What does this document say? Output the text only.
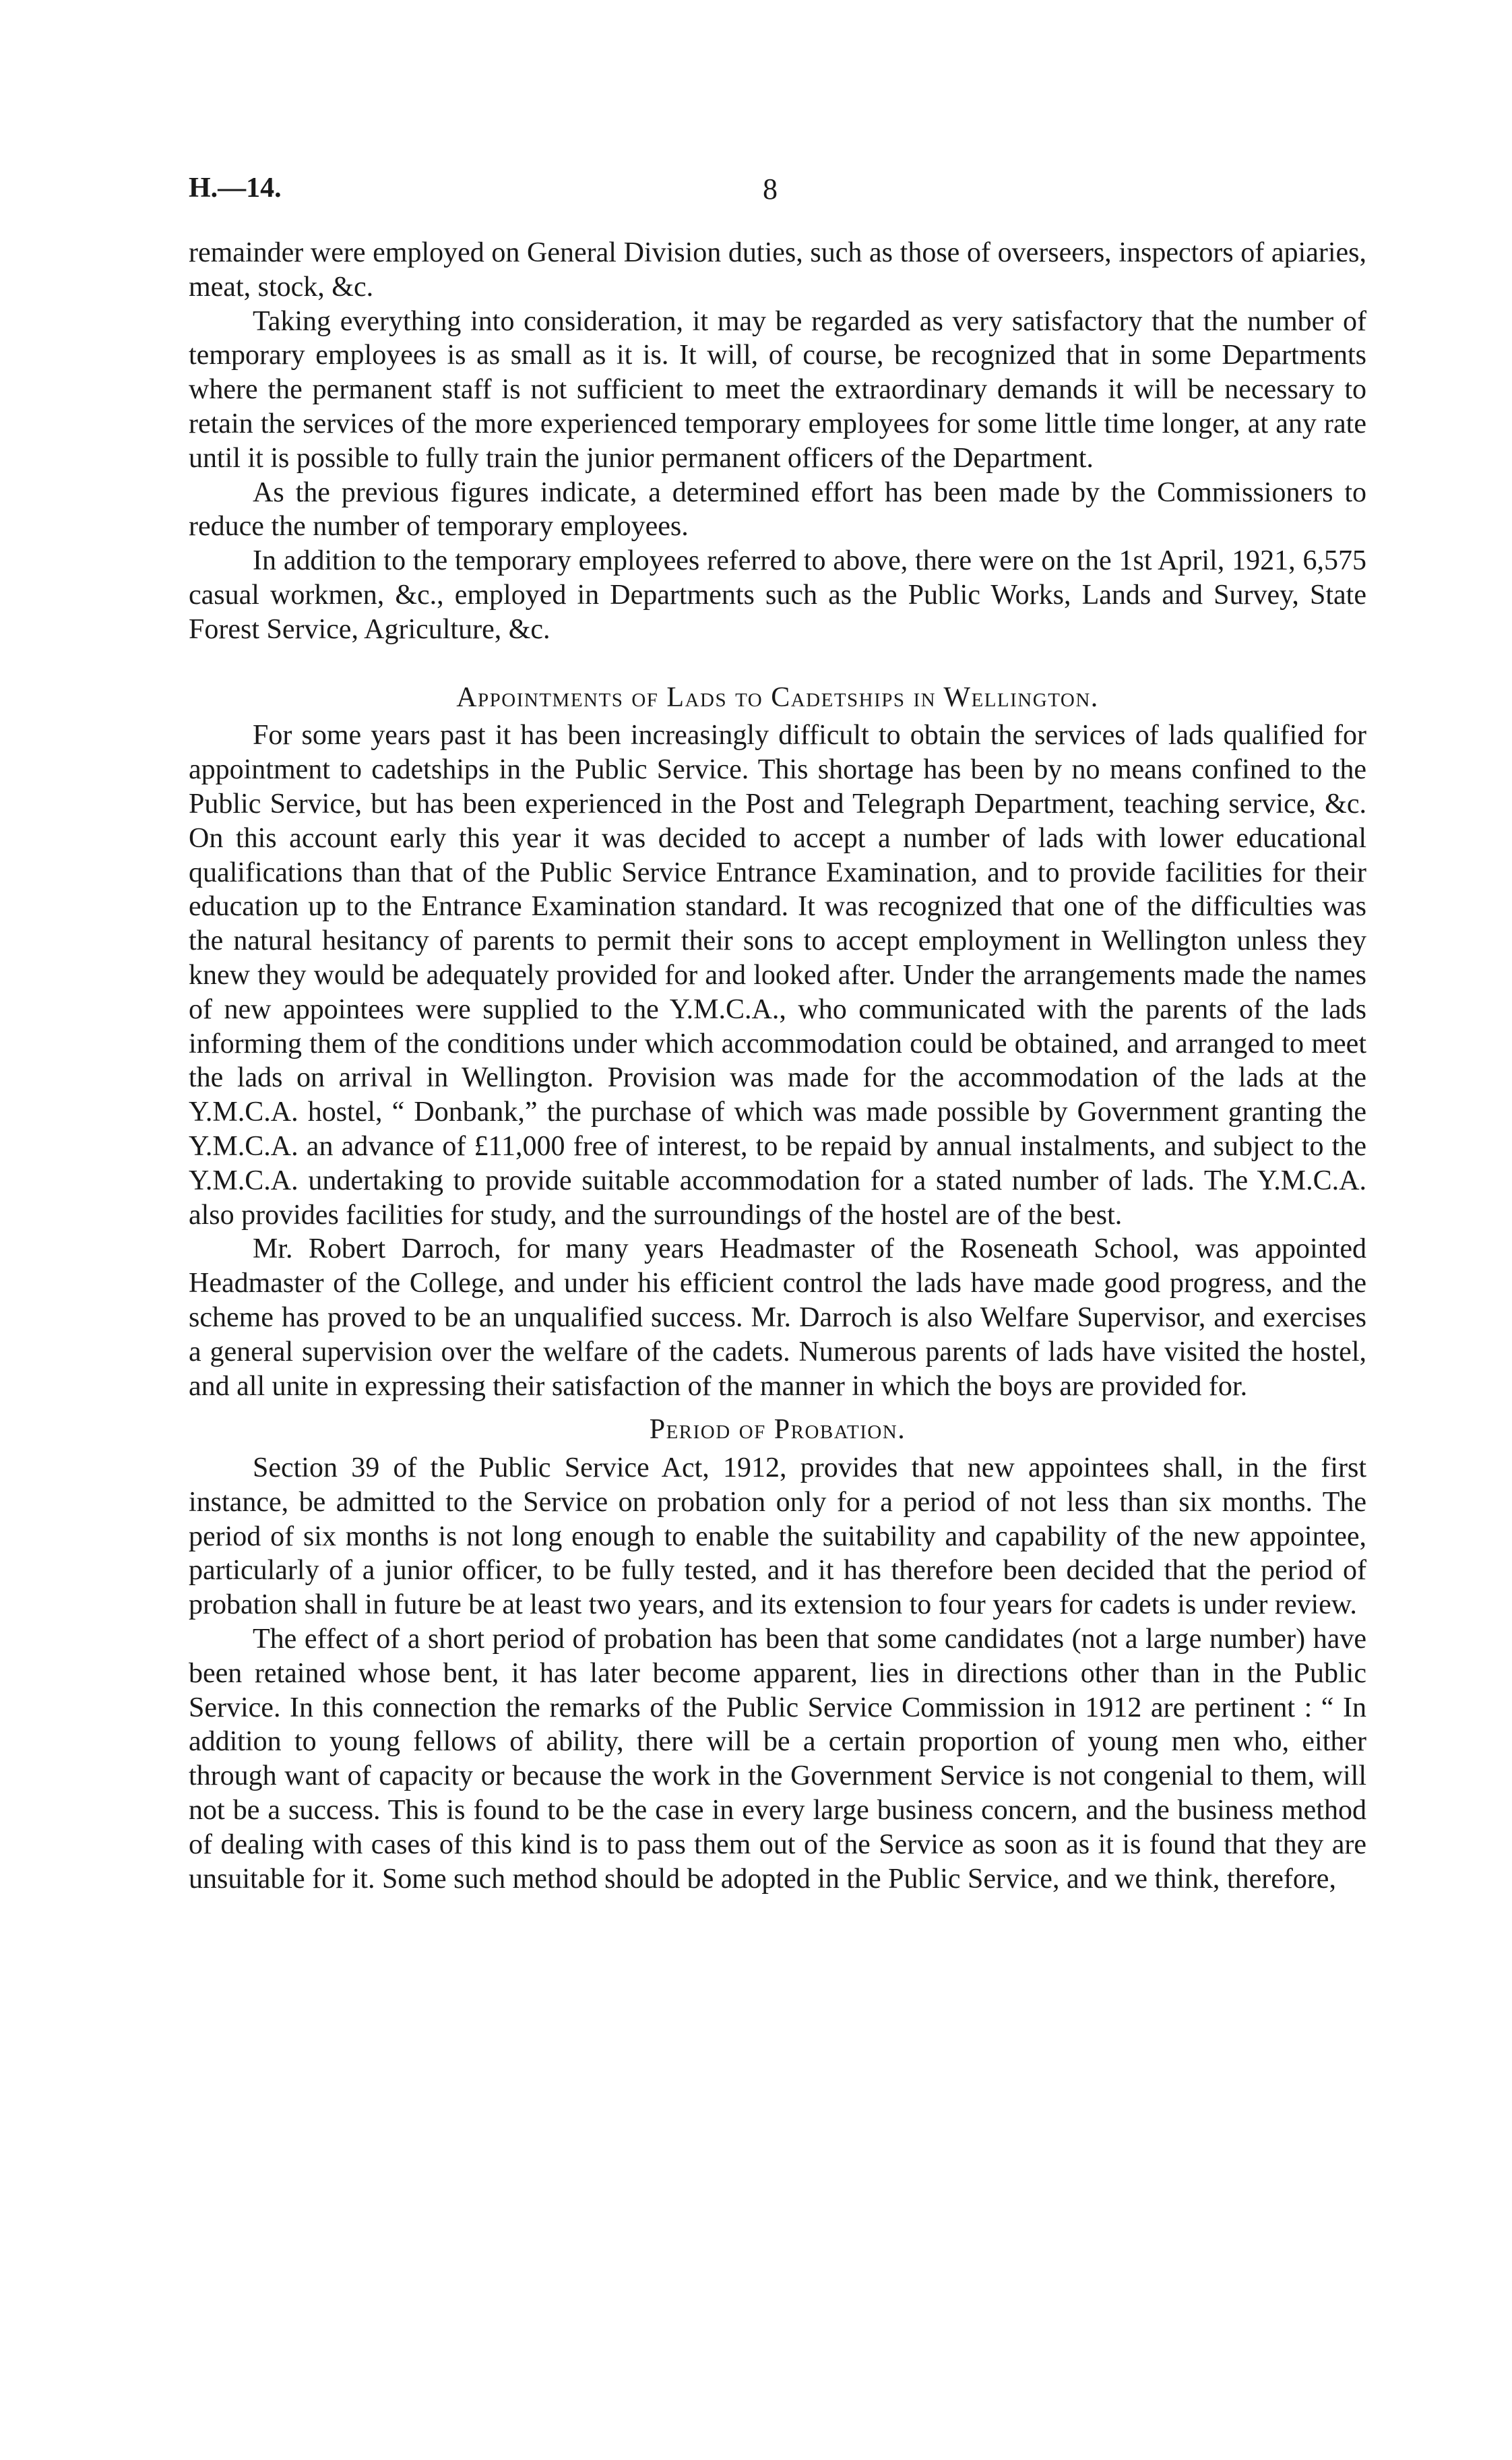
H.—14.	8

remainder were employed on General Division duties, such as those of overseers, inspectors of apiaries, meat, stock, &c.

Taking everything into consideration, it may be regarded as very satisfactory that the number of temporary employees is as small as it is. It will, of course, be recognized that in some Departments where the permanent staff is not sufficient to meet the extraordinary demands it will be necessary to retain the services of the more experienced temporary employees for some little time longer, at any rate until it is possible to fully train the junior permanent officers of the Department.

As the previous figures indicate, a determined effort has been made by the Commissioners to reduce the number of temporary employees.

In addition to the temporary employees referred to above, there were on the 1st April, 1921, 6,575 casual workmen, &c., employed in Departments such as the Public Works, Lands and Survey, State Forest Service, Agriculture, &c.

Appointments of Lads to Cadetships in Wellington.

For some years past it has been increasingly difficult to obtain the services of lads qualified for appointment to cadetships in the Public Service. This shortage has been by no means confined to the Public Service, but has been experienced in the Post and Telegraph Department, teaching service, &c. On this account early this year it was decided to accept a number of lads with lower educational qualifications than that of the Public Service Entrance Examination, and to provide facilities for their education up to the Entrance Examination standard. It was recognized that one of the difficulties was the natural hesitancy of parents to permit their sons to accept employment in Wellington unless they knew they would be adequately provided for and looked after. Under the arrangements made the names of new appointees were supplied to the Y.M.C.A., who communicated with the parents of the lads informing them of the conditions under which accommodation could be obtained, and arranged to meet the lads on arrival in Wellington. Provision was made for the accommodation of the lads at the Y.M.C.A. hostel, “ Donbank,” the purchase of which was made possible by Government granting the Y.M.C.A. an advance of £11,000 free of interest, to be repaid by annual instalments, and subject to the Y.M.C.A. undertaking to provide suitable accommodation for a stated number of lads. The Y.M.C.A. also provides facilities for study, and the surroundings of the hostel are of the best.

Mr. Robert Darroch, for many years Headmaster of the Roseneath School, was appointed Headmaster of the College, and under his efficient control the lads have made good progress, and the scheme has proved to be an unqualified success. Mr. Darroch is also Welfare Supervisor, and exercises a general supervision over the welfare of the cadets. Numerous parents of lads have visited the hostel, and all unite in expressing their satisfaction of the manner in which the boys are provided for.

Period of Probation.

Section 39 of the Public Service Act, 1912, provides that new appointees shall, in the first instance, be admitted to the Service on probation only for a period of not less than six months. The period of six months is not long enough to enable the suitability and capability of the new appointee, particularly of a junior officer, to be fully tested, and it has therefore been decided that the period of probation shall in future be at least two years, and its extension to four years for cadets is under review.

The effect of a short period of probation has been that some candidates (not a large number) have been retained whose bent, it has later become apparent, lies in directions other than in the Public Service. In this connection the remarks of the Public Service Commission in 1912 are pertinent : “ In addition to young fellows of ability, there will be a certain proportion of young men who, either through want of capacity or because the work in the Government Service is not congenial to them, will not be a success. This is found to be the case in every large business concern, and the business method of dealing with cases of this kind is to pass them out of the Service as soon as it is found that they are unsuitable for it. Some such method should be adopted in the Public Service, and we think, therefore,
